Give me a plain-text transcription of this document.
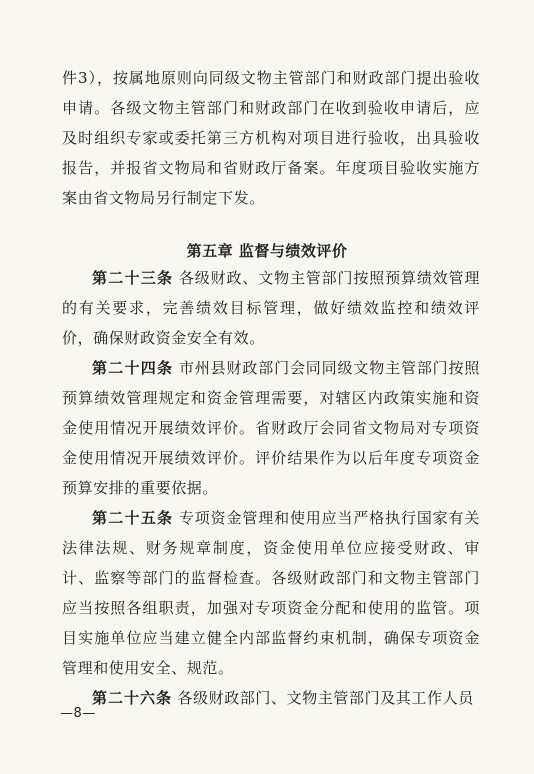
件3），按属地原则向同级文物主管部门和财政部门提出验收申请。各级文物主管部门和财政部门在收到验收申请后，应及时组织专家或委托第三方机构对项目进行验收，出具验收报告，并报省文物局和省财政厅备案。年度项目验收实施方案由省文物局另行制定下发。

第五章 监督与绩效评价

第二十三条 各级财政、文物主管部门按照预算绩效管理的有关要求，完善绩效目标管理，做好绩效监控和绩效评价，确保财政资金安全有效。

第二十四条 市州县财政部门会同同级文物主管部门按照预算绩效管理规定和资金管理需要，对辖区内政策实施和资金使用情况开展绩效评价。省财政厅会同省文物局对专项资金使用情况开展绩效评价。评价结果作为以后年度专项资金预算安排的重要依据。

第二十五条 专项资金管理和使用应当严格执行国家有关法律法规、财务规章制度，资金使用单位应接受财政、审计、监察等部门的监督检查。各级财政部门和文物主管部门应当按照各组职责，加强对专项资金分配和使用的监管。项目实施单位应当建立健全内部监督约束机制，确保专项资金管理和使用安全、规范。

第二十六条 各级财政部门、文物主管部门及其工作人员

—8—
